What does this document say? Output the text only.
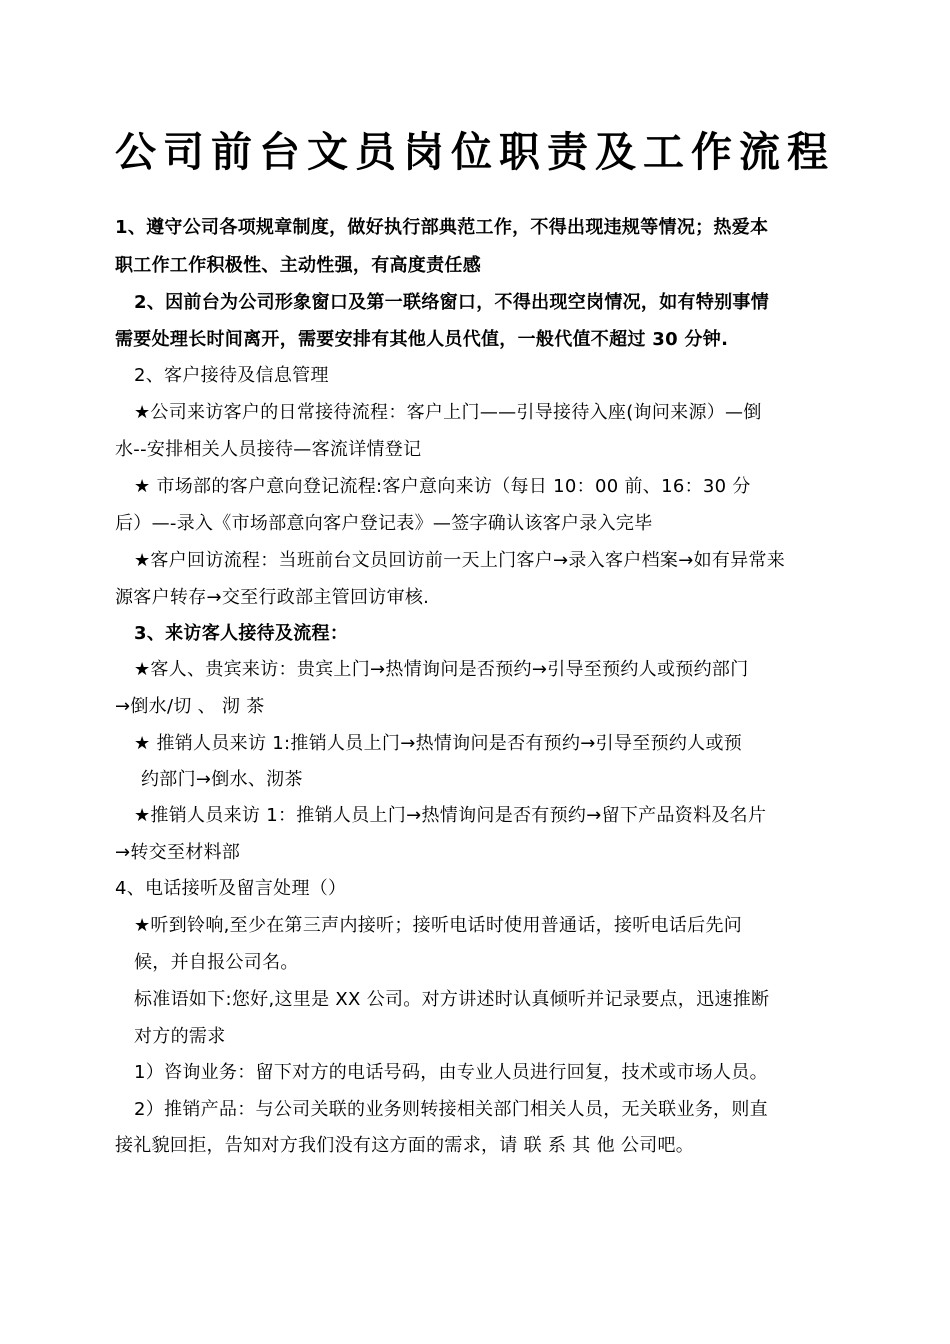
公司前台文员岗位职责及工作流程
1、遵守公司各项规章制度，做好执行部典范工作，不得出现违规等情况；热爱本
职工作工作积极性、主动性强，有高度责任感
2、因前台为公司形象窗口及第一联络窗口，不得出现空岗情况，如有特别事情
需要处理长时间离开，需要安排有其他人员代值，一般代值不超过 30 分钟.
2、客户接待及信息管理
★公司来访客户的日常接待流程：客户上门——引导接待入座(询问来源）—倒
水--安排相关人员接待—客流详情登记
★ 市场部的客户意向登记流程:客户意向来访（每日 10：00 前、16：30 分
后）—-录入《市场部意向客户登记表》—签字确认该客户录入完毕
★客户回访流程：当班前台文员回访前一天上门客户→录入客户档案→如有异常来
源客户转存→交至行政部主管回访审核.
3、来访客人接待及流程：
★客人、贵宾来访：贵宾上门→热情询问是否预约→引导至预约人或预约部门
→倒水/切 、 沏 茶
★ 推销人员来访 1:推销人员上门→热情询问是否有预约→引导至预约人或预
约部门→倒水、沏茶
★推销人员来访 1：推销人员上门→热情询问是否有预约→留下产品资料及名片
→转交至材料部
4、电话接听及留言处理（）
★听到铃响,至少在第三声内接听；接听电话时使用普通话，接听电话后先问
候，并自报公司名。
标准语如下:您好,这里是 XX 公司。对方讲述时认真倾听并记录要点，迅速推断
对方的需求
1）咨询业务：留下对方的电话号码，由专业人员进行回复，技术或市场人员。
2）推销产品：与公司关联的业务则转接相关部门相关人员，无关联业务，则直
接礼貌回拒，告知对方我们没有这方面的需求，请 联 系 其 他 公司吧。
